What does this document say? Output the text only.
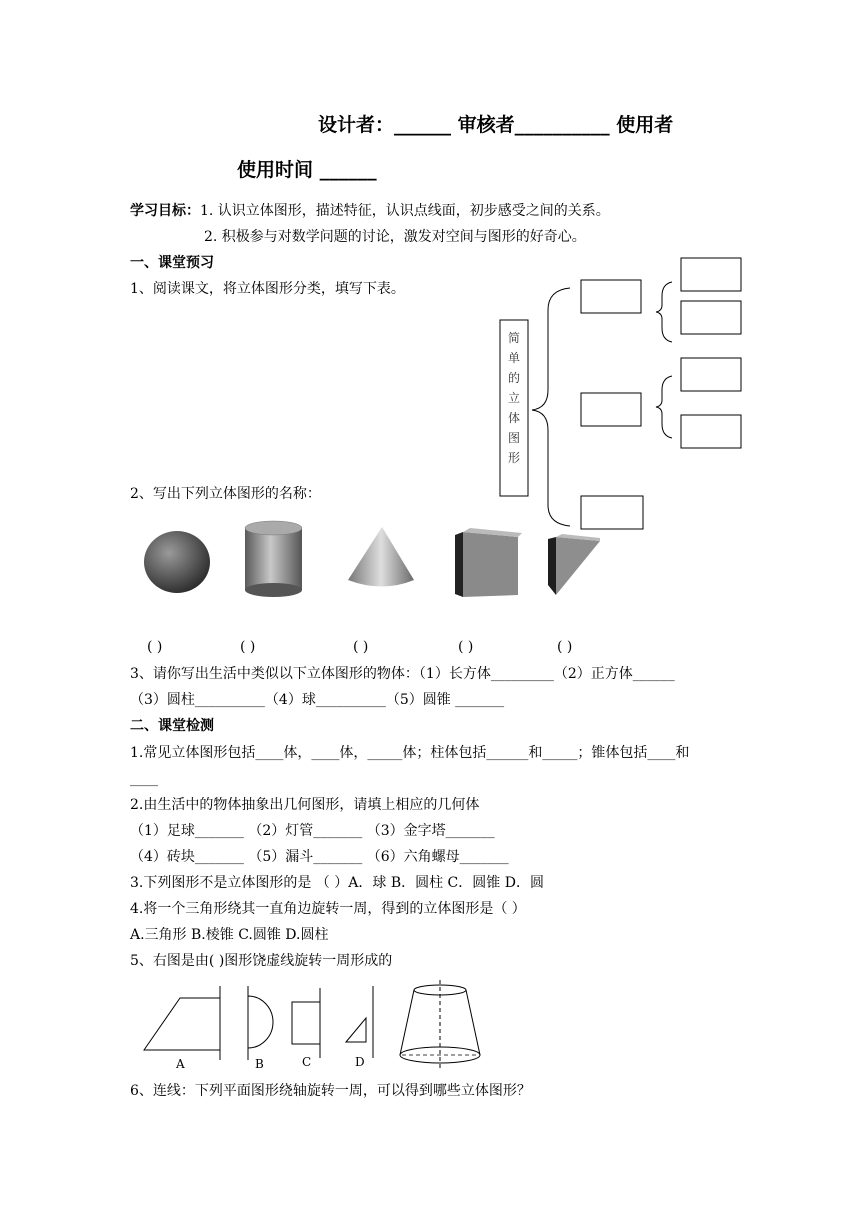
设计者：______ 审核者__________ 使用者
使用时间 ______
学习目标：1. 认识立体图形，描述特征，认识点线面，初步感受之间的关系。
2. 积极参与对数学问题的讨论，激发对空间与图形的好奇心。
一、课堂预习
1、阅读课文，将立体图形分类，填写下表。
简
单
的
立
体
图
形
2、写出下列立体图形的名称：
( )	( )	( )	( )	( )
3、请你写出生活中类似以下立体图形的物体：（1）长方体_________（2）正方体______
（3）圆柱__________（4）球__________（5）圆锥 _______
二、课堂检测
1.常见立体图形包括____体，____体，_____体；柱体包括______和_____；锥体包括____和
____
2.由生活中的物体抽象出几何图形，请填上相应的几何体
（1）足球_______ （2）灯管_______ （3）金字塔_______
（4）砖块_______ （5）漏斗_______ （6）六角螺母_______
3.下列图形不是立体图形的是 （ ）A．球 B．圆柱 C．圆锥 D．圆
4.将一个三角形绕其一直角边旋转一周，得到的立体图形是（ ）
A.三角形 B.棱锥 C.圆锥 D.圆柱
5、右图是由( )图形饶虚线旋转一周形成的
A	B	C	D
6、连线：下列平面图形绕轴旋转一周，可以得到哪些立体图形？
